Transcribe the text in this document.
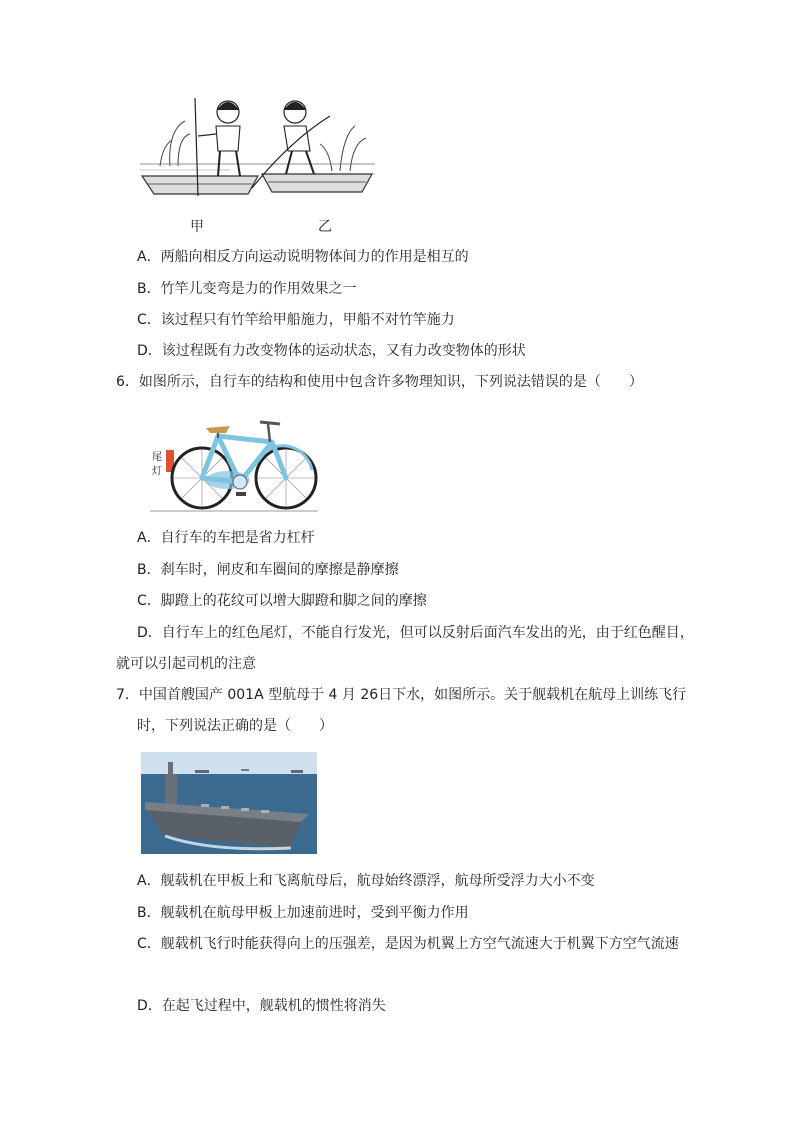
甲	乙
A．两船向相反方向运动说明物体间力的作用是相互的
B．竹竿儿变弯是力的作用效果之一
C．该过程只有竹竿给甲船施力，甲船不对竹竿施力
D．该过程既有力改变物体的运动状态，又有力改变物体的形状
6．如图所示，自行车的结构和使用中包含许多物理知识，下列说法错误的是（　　）
尾
灯
A．自行车的车把是省力杠杆
B．刹车时，闸皮和车圈间的摩擦是静摩擦
C．脚蹬上的花纹可以增大脚蹬和脚之间的摩擦
D．自行车上的红色尾灯，不能自行发光，但可以反射后面汽车发出的光，由于红色醒目，
就可以引起司机的注意
7．中国首艘国产 001A 型航母于 4 月 26日下水，如图所示。关于舰载机在航母上训练飞行
时，下列说法正确的是（　　）
A．舰载机在甲板上和飞离航母后，航母始终漂浮，航母所受浮力大小不变
B．舰载机在航母甲板上加速前进时，受到平衡力作用
C．舰载机飞行时能获得向上的压强差，是因为机翼上方空气流速大于机翼下方空气流速
D．在起飞过程中，舰载机的惯性将消失
